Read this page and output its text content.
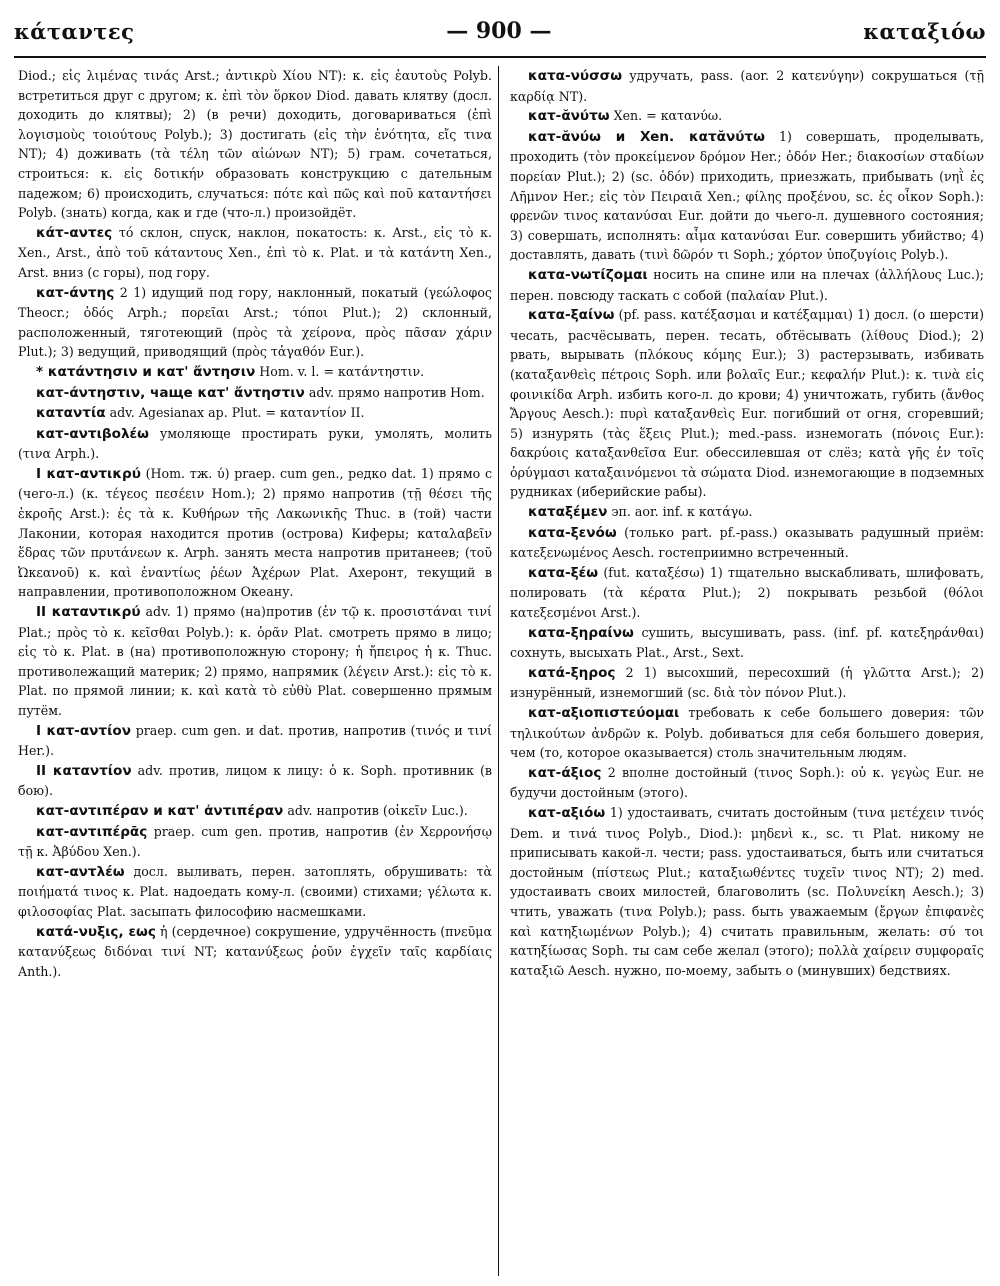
κάταντες	— 900 —	καταξιόω

Diod.; εἰς λιμένας τινάς Arst.; ἀντικρὺ Χίου NT): κ. εἰς ἑαυτοὺς Polyb. встретиться друг с другом; κ. ἐπὶ τὸν ὅρκον Diod. давать клятву (досл. доходить до клятвы); 2) (в речи) доходить, договариваться (ἐπὶ λογισμοὺς τοιούτους Polyb.); 3) достигать (εἰς τὴν ἑνότητα, εἴς τινα NT); 4) доживать (τὰ τέλη τῶν αἰώνων NT); 5) грам. сочетаться, строиться: κ. εἰς δοτικήν образовать конструкцию с дательным падежом; 6) происходить, случаться: πότε καὶ πῶς καὶ ποῦ καταντήσει Polyb. (знать) когда, как и где (что-л.) произойдёт.

κάτ-αντες τό склон, спуск, наклон, покатость: κ. Arst., εἰς τὸ κ. Xen., Arst., ἀπὸ τοῦ κάταντους Xen., ἐπὶ τὸ κ. Plat. и τὰ κατάντη Xen., Arst. вниз (с горы), под гору.

κατ-άντης 2 1) идущий под гору, наклонный, покатый (γεώλοφος Theocr.; ὁδός Arph.; πορεῖαι Arst.; τόποι Plut.); 2) склонный, расположенный, тяготеющий (πρὸς τὰ χείρονα, πρὸς πᾶσαν χάριν Plut.); 3) ведущий, приводящий (πρὸς τἀγαθόν Eur.).

* κατάντησιν и κατ' ἄντησιν Hom. v. l. = κατάντηστιν.

κατ-άντηστιν, чаще κατ' ἄντηστιν adv. прямо напротив Hom.

καταντία adv. Agesianax ap. Plut. = καταντίον II.

κατ-αντιβολέω умоляюще простирать руки, умолять, молить (τινα Arph.).

I κατ-αντικρύ (Hom. тж. ύ) praep. cum gen., редко dat. 1) прямо с (чего-л.) (κ. τέγεος πεσέειν Hom.); 2) прямо напротив (τῇ θέσει τῆς ἐκροῆς Arst.): ἐς τὰ κ. Κυθήρων τῆς Λακωνικῆς Thuc. в (той) части Лаконии, которая находится против (острова) Киферы; καταλαβεῖν ἕδρας τῶν πρυτάνεων κ. Arph. занять места напротив пританеев; (τοῦ Ὠκεανοῦ) κ. καὶ ἐναντίως ῥέων Ἀχέρων Plat. Ахеронт, текущий в направлении, противоположном Океану.

II καταντικρύ adv. 1) прямо (на)против (ἐν τῷ κ. προσιστάναι τινί Plat.; πρὸς τὸ κ. κεῖσθαι Polyb.): κ. ὁρᾶν Plat. смотреть прямо в лицо; εἰς τὸ κ. Plat. в (на) противоположную сторону; ἡ ἤπειρος ἡ κ. Thuc. противолежащий материк; 2) прямо, напрямик (λέγειν Arst.): εἰς τὸ κ. Plat. по прямой линии; κ. καὶ κατὰ τὸ εὐθὺ Plat. совершенно прямым путём.

I κατ-αντίον praep. cum gen. и dat. против, напротив (τινός и τινί Her.).

II καταντίον adv. против, лицом к лицу: ὁ κ. Soph. противник (в бою).

κατ-αντιπέραν и κατ' ἀντιπέραν adv. напротив (οἰκεῖν Luc.).

κατ-αντιπέρᾱς praep. cum gen. против, напротив (ἐν Χερρονήσῳ τῇ κ. Ἀβύδου Xen.).

κατ-αντλέω досл. выливать, перен. затоплять, обрушивать: τὰ ποιήματά τινος κ. Plat. надоедать кому-л. (своими) стихами; γέλωτα κ. φιλοσοφίας Plat. засыпать философию насмешками.

κατά-νυξις, εως ἡ (сердечное) сокрушение, удручённость (πνεῦμα κατανύξεως διδόναι τινί NT; κατανύξεως ῥοῦν ἐγχεῖν ταῖς καρδίαις Anth.).

κατα-νύσσω удручать, pass. (aor. 2 κατενύγην) сокрушаться (τῇ καρδίᾳ NT).

κατ-ᾰνύτω Xen. = κατανύω.

κατ-ᾰνύω и Xen. κατᾰνύτω 1) совершать, проделывать, проходить (τὸν προκείμενον δρόμον Her.; ὁδόν Her.; διακοσίων σταδίων πορείαν Plut.); 2) (sc. ὁδόν) приходить, приезжать, прибывать (νηῒ ἐς Λῆμνον Her.; εἰς τὸν Πειραιᾶ Xen.; φίλης προξένου, sc. ἐς οἶκον Soph.): φρενῶν τινος κατανύσαι Eur. дойти до чьего-л. душевного состояния; 3) совершать, исполнять: αἷμα κατανύσαι Eur. совершить убийство; 4) доставлять, давать (τινὶ δῶρόν τι Soph.; χόρτον ὑποζυγίοις Polyb.).

κατα-νωτίζομαι носить на спине или на плечах (ἀλλήλους Luc.); перен. повсюду таскать с собой (παλαίαν Plut.).

κατα-ξαίνω (pf. pass. κατέξασμαι и κατέξαμμαι) 1) досл. (о шерсти) чесать, расчёсывать, перен. тесать, обтёсывать (λίθους Diod.); 2) рвать, вырывать (πλόκους κόμης Eur.); 3) растерзывать, избивать (καταξανθεὶς πέτροις Soph. или βολαῖς Eur.; κεφαλήν Plut.): κ. τινὰ εἰς φοινικίδα Arph. избить кого-л. до крови; 4) уничтожать, губить (ἄνθος Ἄργους Aesch.): πυρὶ καταξανθεὶς Eur. погибший от огня, сгоревший; 5) изнурять (τὰς ἕξεις Plut.); med.-pass. изнемогать (πόνοις Eur.): δακρύοις καταξανθεῖσα Eur. обессилевшая от слёз; κατὰ γῆς ἐν τοῖς ὀρύγμασι καταξαινόμενοι τὰ σώματα Diod. изнемогающие в подземных рудниках (иберийские рабы).

καταξέμεν эп. aor. inf. к κατάγω.

κατα-ξενόω (только part. pf.-pass.) оказывать радушный приём: κατεξενωμένος Aesch. гостеприимно встреченный.

κατα-ξέω (fut. καταξέσω) 1) тщательно выскабливать, шлифовать, полировать (τὰ κέρατα Plut.); 2) покрывать резьбой (θόλοι κατεξεσμένοι Arst.).

κατα-ξηραίνω сушить, высушивать, pass. (inf. pf. κατεξηράνθαι) сохнуть, высыхать Plat., Arst., Sext.

κατά-ξηρος 2 1) высохший, пересохший (ἡ γλῶττα Arst.); 2) изнурённый, изнемогший (sc. διὰ τὸν πόνον Plut.).

κατ-αξιοπιστεύομαι требовать к себе большего доверия: τῶν τηλικούτων ἀνδρῶν κ. Polyb. добиваться для себя большего доверия, чем (то, которое оказывается) столь значительным людям.

κατ-άξιος 2 вполне достойный (τινος Soph.): οὐ κ. γεγὼς Eur. не будучи достойным (этого).

κατ-αξιόω 1) удостаивать, считать достойным (τινα μετέχειν τινός Dem. и τινά τινος Polyb., Diod.): μηδενὶ κ., sc. τι Plat. никому не приписывать какой-л. чести; pass. удостаиваться, быть или считаться достойным (πίστεως Plut.; καταξιωθέντες τυχεῖν τινος NT); 2) med. удостаивать своих милостей, благоволить (sc. Πολυνείκη Aesch.); 3) чтить, уважать (τινα Polyb.); pass. быть уважаемым (ἔργων ἐπιφανὲς καὶ κατηξιωμένων Polyb.); 4) считать правильным, желать: σύ τοι κατηξίωσας Soph. ты сам себе желал (этого); πολλὰ χαίρειν συμφοραῖς καταξιῶ Aesch. нужно, по-моему, забыть о (минувших) бедствиях.
